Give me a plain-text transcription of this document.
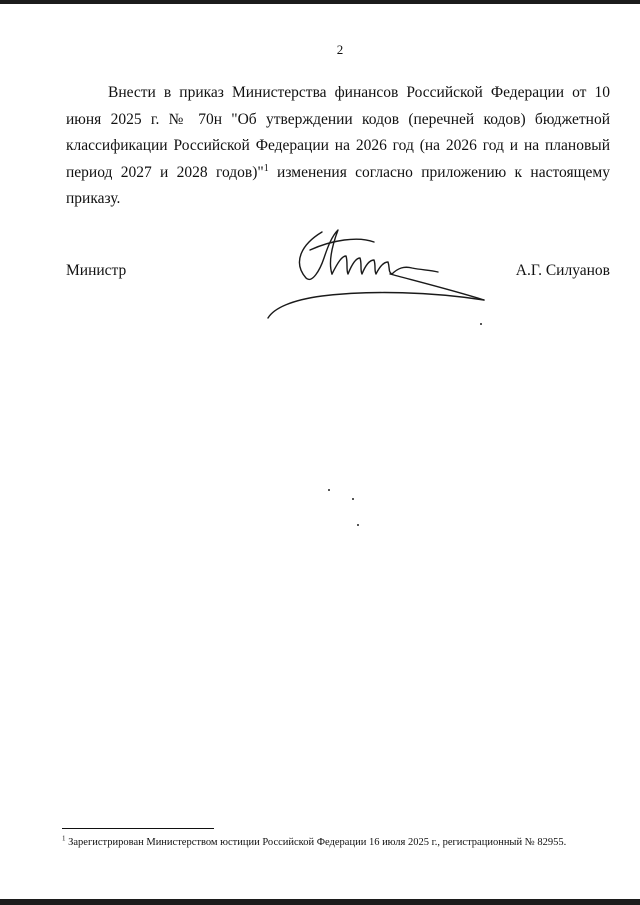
2
Внести в приказ Министерства финансов Российской Федерации от 10 июня 2025 г. № 70н "Об утверждении кодов (перечней кодов) бюджетной классификации Российской Федерации на 2026 год (на 2026 год и на плановый период 2027 и 2028 годов)"$^1$ изменения согласно приложению к настоящему приказу.
Министр	А.Г. Силуанов
$^1$ Зарегистрирован Министерством юстиции Российской Федерации 16 июля 2025 г., регистрационный № 82955.
